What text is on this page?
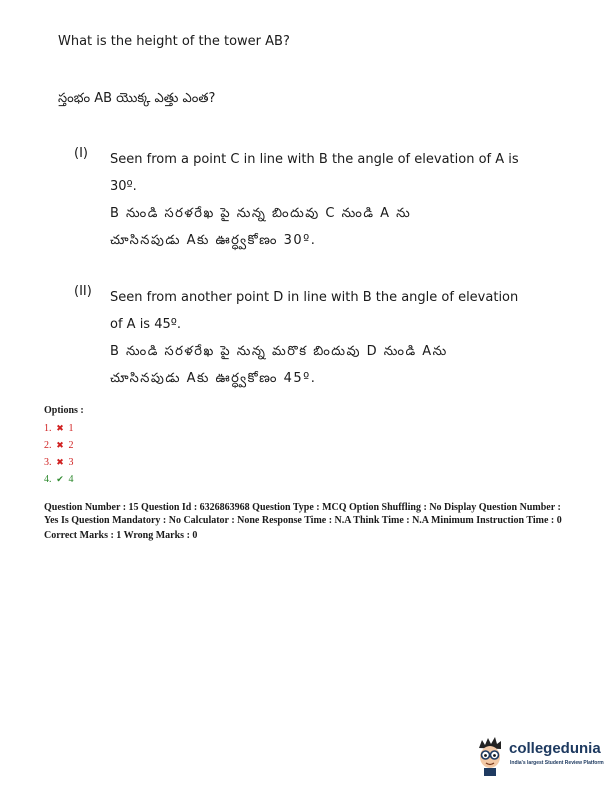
What is the height of the tower AB?
స్తంభం AB యొక్క ఎత్తు ఎంత?
(I) Seen from a point C in line with B the angle of elevation of A is
30º.
B నుండి సరళరేఖ పై నున్న బిందువు C నుండి A ను
చూసినపుడు Aకు ఊర్ధ్వకోణం 30º.
(II) Seen from another point D in line with B the angle of elevation
of A is 45º.
B నుండి సరళరేఖ పై నున్న మరొక బిందువు D నుండి Aను
చూసినపుడు Aకు ఊర్ధ్వకోణం 45º.
Options :
1. ✖ 1
2. ✖ 2
3. ✖ 3
4. ✔ 4
Question Number : 15 Question Id : 6326863968 Question Type : MCQ Option Shuffling : No Display Question Number : Yes Is Question Mandatory : No Calculator : None Response Time : N.A Think Time : N.A Minimum Instruction Time : 0
Correct Marks : 1 Wrong Marks : 0
collegedunia
India's largest Student Review Platform
